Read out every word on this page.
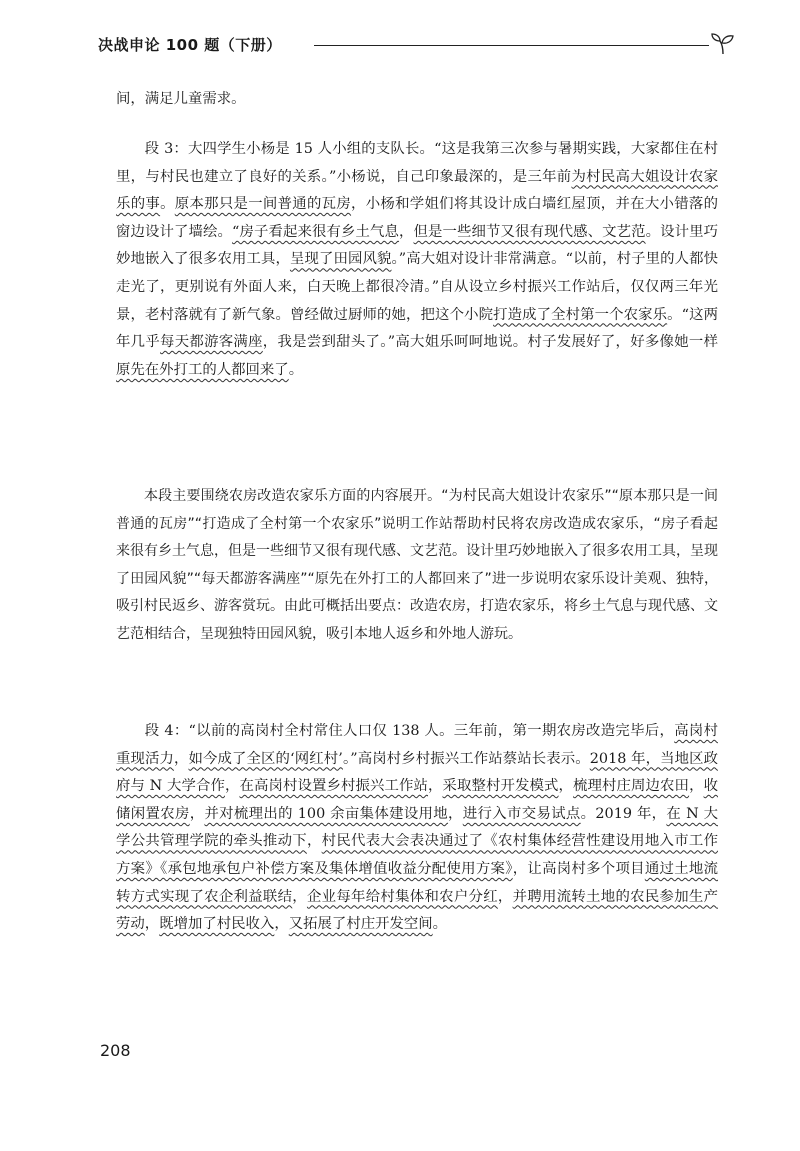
决战申论 100 题（下册）
间，满足儿童需求。
段 3：大四学生小杨是 15 人小组的支队长。“这是我第三次参与暑期实践，大家都住在村里，与村民也建立了良好的关系。”小杨说，自己印象最深的，是三年前为村民高大姐设计农家乐的事。原本那只是一间普通的瓦房，小杨和学姐们将其设计成白墙红屋顶，并在大小错落的窗边设计了墙绘。“房子看起来很有乡土气息，但是一些细节又很有现代感、文艺范。设计里巧妙地嵌入了很多农用工具，呈现了田园风貌。”高大姐对设计非常满意。“以前，村子里的人都快走光了，更别说有外面人来，白天晚上都很冷清。”自从设立乡村振兴工作站后，仅仅两三年光景，老村落就有了新气象。曾经做过厨师的她，把这个小院打造成了全村第一个农家乐。“这两年几乎每天都游客满座，我是尝到甜头了。”高大姐乐呵呵地说。村子发展好了，好多像她一样原先在外打工的人都回来了。
本段主要围绕农房改造农家乐方面的内容展开。“为村民高大姐设计农家乐”“原本那只是一间普通的瓦房”“打造成了全村第一个农家乐”说明工作站帮助村民将农房改造成农家乐，“房子看起来很有乡土气息，但是一些细节又很有现代感、文艺范。设计里巧妙地嵌入了很多农用工具，呈现了田园风貌”“每天都游客满座”“原先在外打工的人都回来了”进一步说明农家乐设计美观、独特，吸引村民返乡、游客赏玩。由此可概括出要点：改造农房，打造农家乐，将乡土气息与现代感、文艺范相结合，呈现独特田园风貌，吸引本地人返乡和外地人游玩。
段 4：“以前的高岗村全村常住人口仅 138 人。三年前，第一期农房改造完毕后，高岗村重现活力，如今成了全区的‘网红村’。”高岗村乡村振兴工作站蔡站长表示。2018 年，当地区政府与 N 大学合作，在高岗村设置乡村振兴工作站，采取整村开发模式，梳理村庄周边农田，收储闲置农房，并对梳理出的 100 余亩集体建设用地，进行入市交易试点。2019 年，在 N 大学公共管理学院的牵头推动下，村民代表大会表决通过了《农村集体经营性建设用地入市工作方案》《承包地承包户补偿方案及集体增值收益分配使用方案》，让高岗村多个项目通过土地流转方式实现了农企利益联结，企业每年给村集体和农户分红，并聘用流转土地的农民参加生产劳动，既增加了村民收入，又拓展了村庄开发空间。
208
